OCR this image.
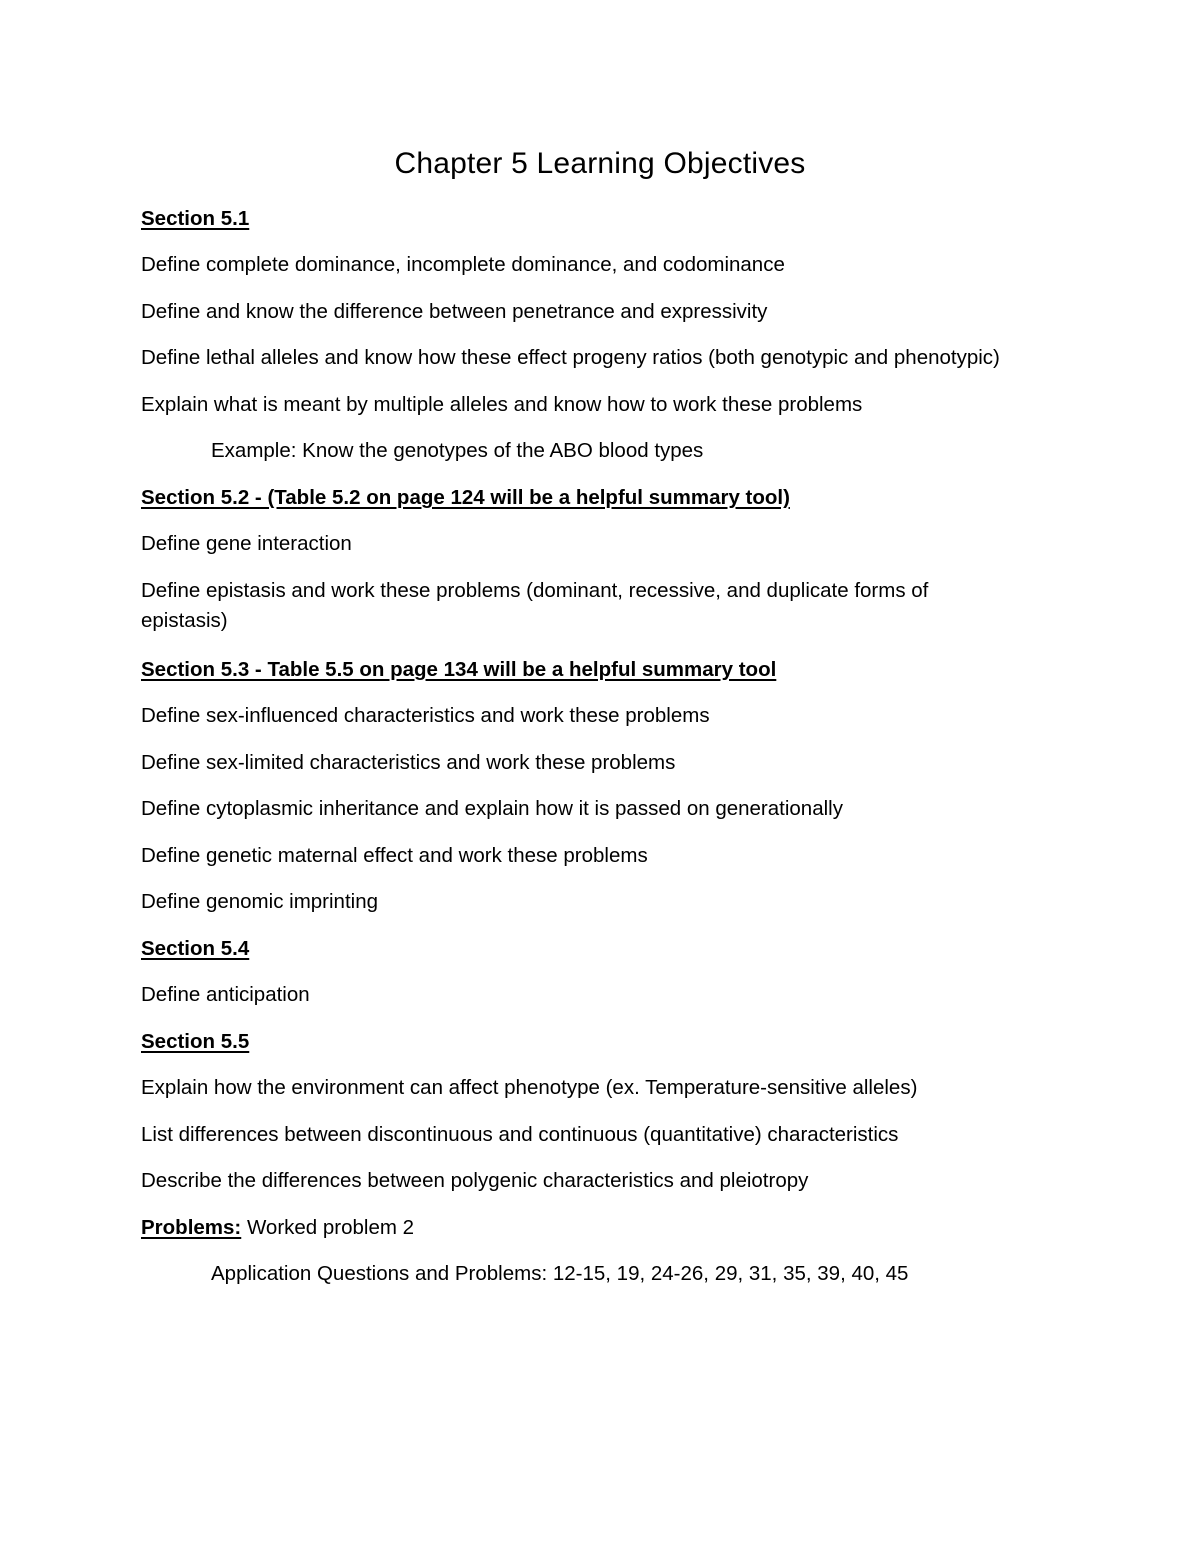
Chapter 5 Learning Objectives
Section 5.1
Define complete dominance, incomplete dominance, and codominance
Define and know the difference between penetrance and expressivity
Define lethal alleles and know how these effect progeny ratios (both genotypic and phenotypic)
Explain what is meant by multiple alleles and know how to work these problems
Example: Know the genotypes of the ABO blood types
Section 5.2 - (Table 5.2 on page 124 will be a helpful summary tool)
Define gene interaction
Define epistasis and work these problems (dominant, recessive, and duplicate forms of epistasis)
Section 5.3 - Table 5.5 on page 134 will be a helpful summary tool
Define sex-influenced characteristics and work these problems
Define sex-limited characteristics and work these problems
Define cytoplasmic inheritance and explain how it is passed on generationally
Define genetic maternal effect and work these problems
Define genomic imprinting
Section 5.4
Define anticipation
Section 5.5
Explain how the environment can affect phenotype (ex. Temperature-sensitive alleles)
List differences between discontinuous and continuous (quantitative) characteristics
Describe the differences between polygenic characteristics and pleiotropy
Problems: Worked problem 2
Application Questions and Problems: 12-15, 19, 24-26, 29, 31, 35, 39, 40, 45
